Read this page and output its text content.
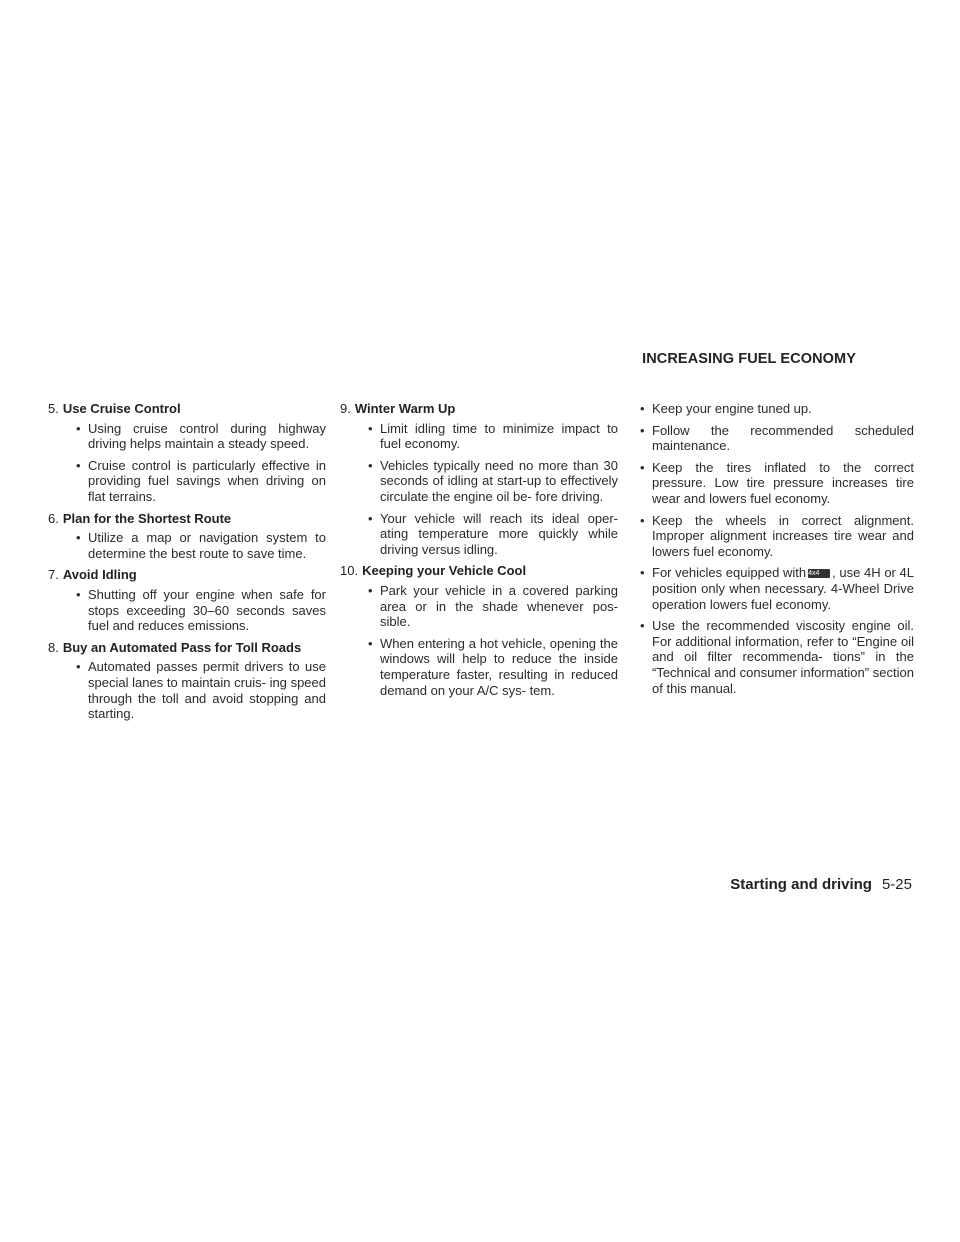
INCREASING FUEL ECONOMY
5. Use Cruise Control
• Using cruise control during highway driving helps maintain a steady speed.
• Cruise control is particularly effective in providing fuel savings when driving on flat terrains.
6. Plan for the Shortest Route
• Utilize a map or navigation system to determine the best route to save time.
7. Avoid Idling
• Shutting off your engine when safe for stops exceeding 30–60 seconds saves fuel and reduces emissions.
8. Buy an Automated Pass for Toll Roads
• Automated passes permit drivers to use special lanes to maintain cruis- ing speed through the toll and avoid stopping and starting.
9. Winter Warm Up
• Limit idling time to minimize impact to fuel economy.
• Vehicles typically need no more than 30 seconds of idling at start-up to effectively circulate the engine oil be- fore driving.
• Your vehicle will reach its ideal oper- ating temperature more quickly while driving versus idling.
10. Keeping your Vehicle Cool
• Park your vehicle in a covered parking area or in the shade whenever pos- sible.
• When entering a hot vehicle, opening the windows will help to reduce the inside temperature faster, resulting in reduced demand on your A/C sys- tem.
• Keep your engine tuned up.
• Follow the recommended scheduled maintenance.
• Keep the tires inflated to the correct pressure. Low tire pressure increases tire wear and lowers fuel economy.
• Keep the wheels in correct alignment. Improper alignment increases tire wear and lowers fuel economy.
• For vehicles equipped with 4x4 , use 4H or 4L position only when necessary. 4-Wheel Drive operation lowers fuel economy.
• Use the recommended viscosity engine oil. For additional information, refer to “Engine oil and oil filter recommenda- tions” in the “Technical and consumer information” section of this manual.
Starting and driving 5-25
